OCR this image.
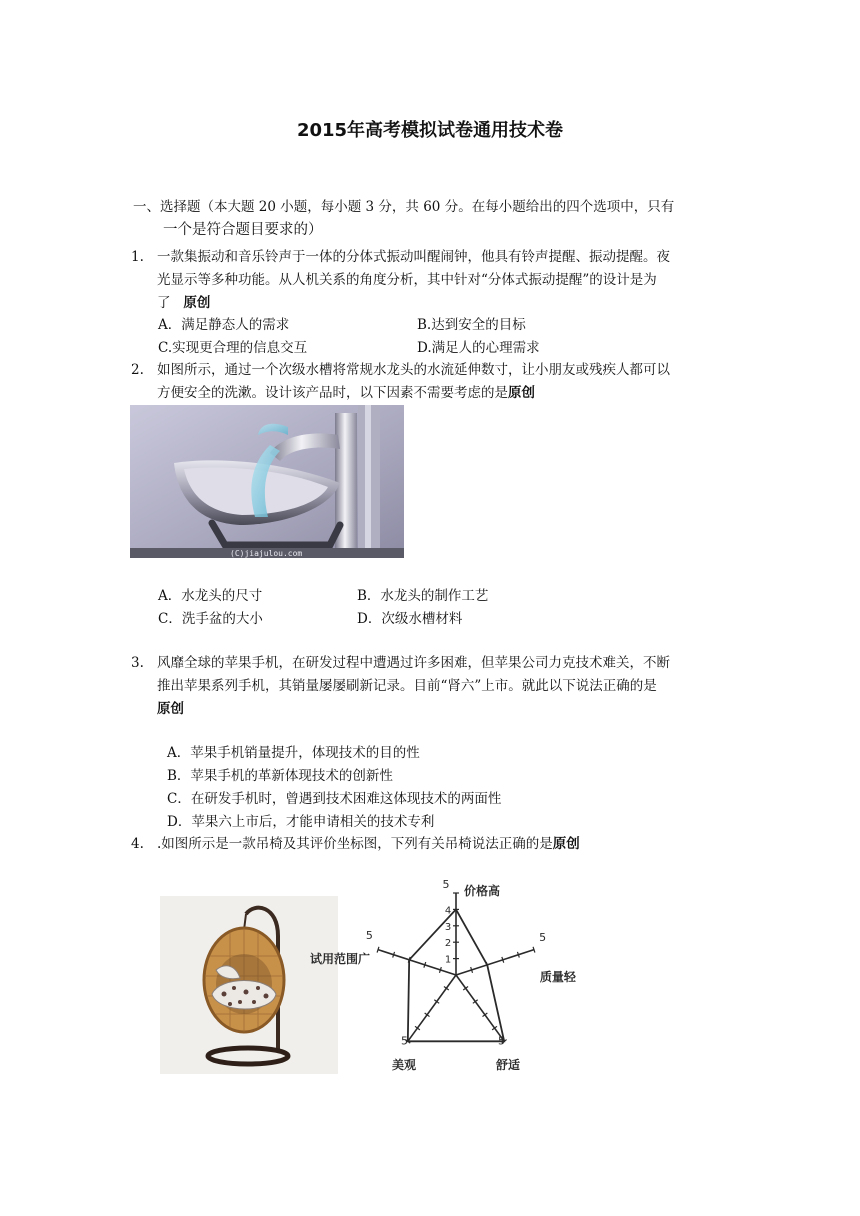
2015年高考模拟试卷通用技术卷
一、选择题（本大题 20 小题，每小题 3 分，共 60 分。在每小题给出的四个选项中，只有
一个是符合题目要求的）
1. 一款集振动和音乐铃声于一体的分体式振动叫醒闹钟，他具有铃声提醒、振动提醒。夜
光显示等多种功能。从人机关系的角度分析，其中针对“分体式振动提醒”的设计是为
了 原创
A．满足静态人的需求	B.达到安全的目标
C.实现更合理的信息交互	D.满足人的心理需求
2. 如图所示，通过一个次级水槽将常规水龙头的水流延伸数寸，让小朋友或残疾人都可以
方便安全的洗漱。设计该产品时，以下因素不需要考虑的是原创
(C)jiajulou.com
A．水龙头的尺寸	B．水龙头的制作工艺
C．洗手盆的大小	D．次级水槽材料
3. 风靡全球的苹果手机，在研发过程中遭遇过许多困难，但苹果公司力克技术难关，不断
推出苹果系列手机，其销量屡屡刷新记录。目前“肾六”上市。就此以下说法正确的是
原创
A．苹果手机销量提升，体现技术的目的性
B．苹果手机的革新体现技术的创新性
C．在研发手机时，曾遇到技术困难这体现技术的两面性
D．苹果六上市后，才能申请相关的技术专利
4. .如图所示是一款吊椅及其评价坐标图，下列有关吊椅说法正确的是原创
5
5
5
5
5
1
2
3
4
价格高
质量轻
舒适
美观
试用范围广
